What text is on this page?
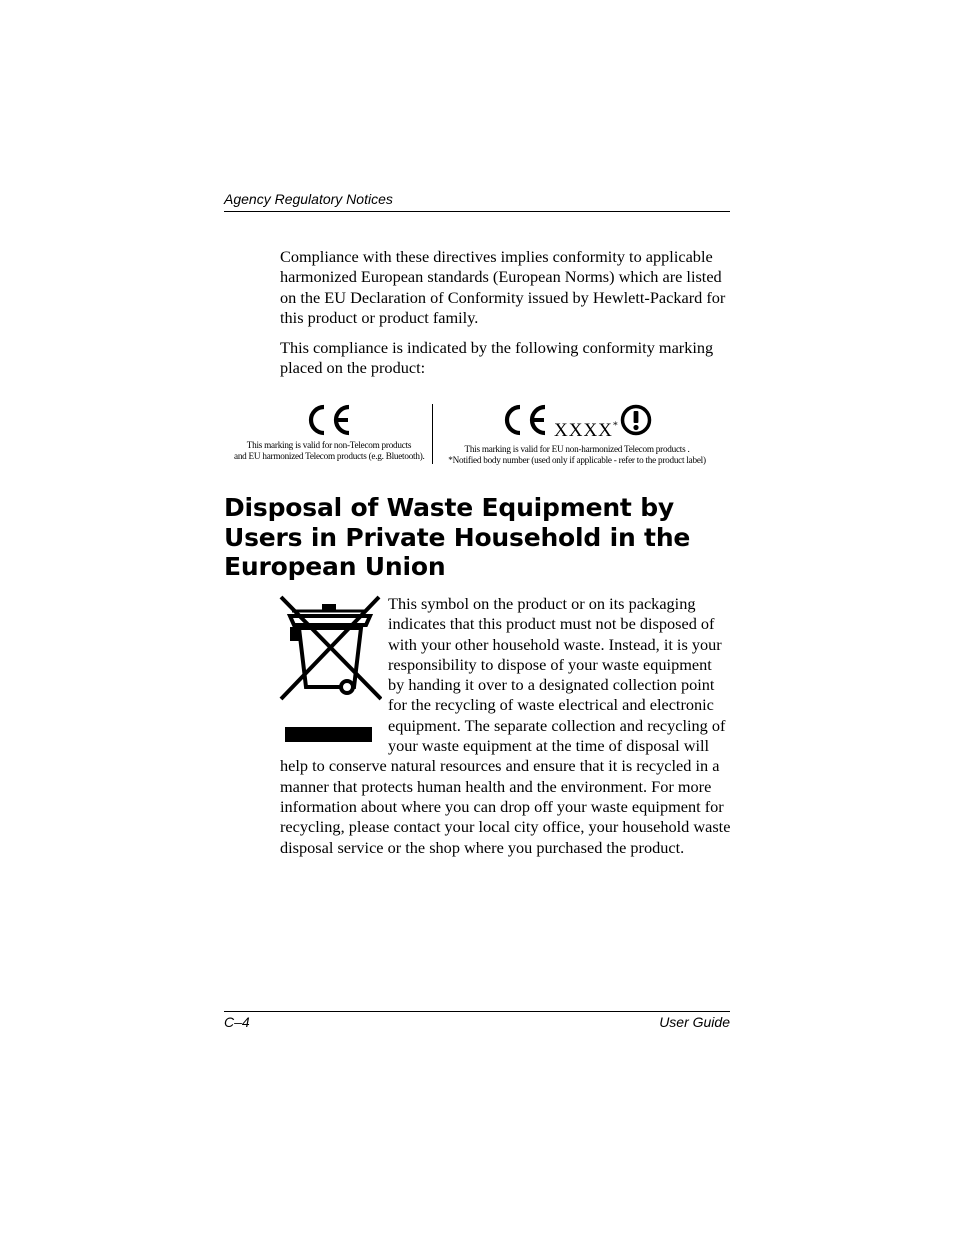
Agency Regulatory Notices

Compliance with these directives implies conformity to applicable harmonized European standards (European Norms) which are listed on the EU Declaration of Conformity issued by Hewlett-Packard for this product or product family.

This compliance is indicated by the following conformity marking placed on the product:

This marking is valid for non-Telecom products
and EU harmonized Telecom products (e.g. Bluetooth).
XXXX*
This marking is valid for EU non-harmonized Telecom products .
*Notified body number (used only if applicable - refer to the product label)
Disposal of Waste Equipment by Users in Private Household in the European Union

This symbol on the product or on its packaging indicates that this product must not be disposed of with your other household waste. Instead, it is your responsibility to dispose of your waste equipment by handing it over to a designated collection point for the recycling of waste electrical and electronic equipment. The separate collection and recycling of your waste equipment at the time of disposal will help to conserve natural resources and ensure that it is recycled in a manner that protects human health and the environment. For more information about where you can drop off your waste equipment for recycling, please contact your local city office, your household waste disposal service or the shop where you purchased the product.

C–4	User Guide
